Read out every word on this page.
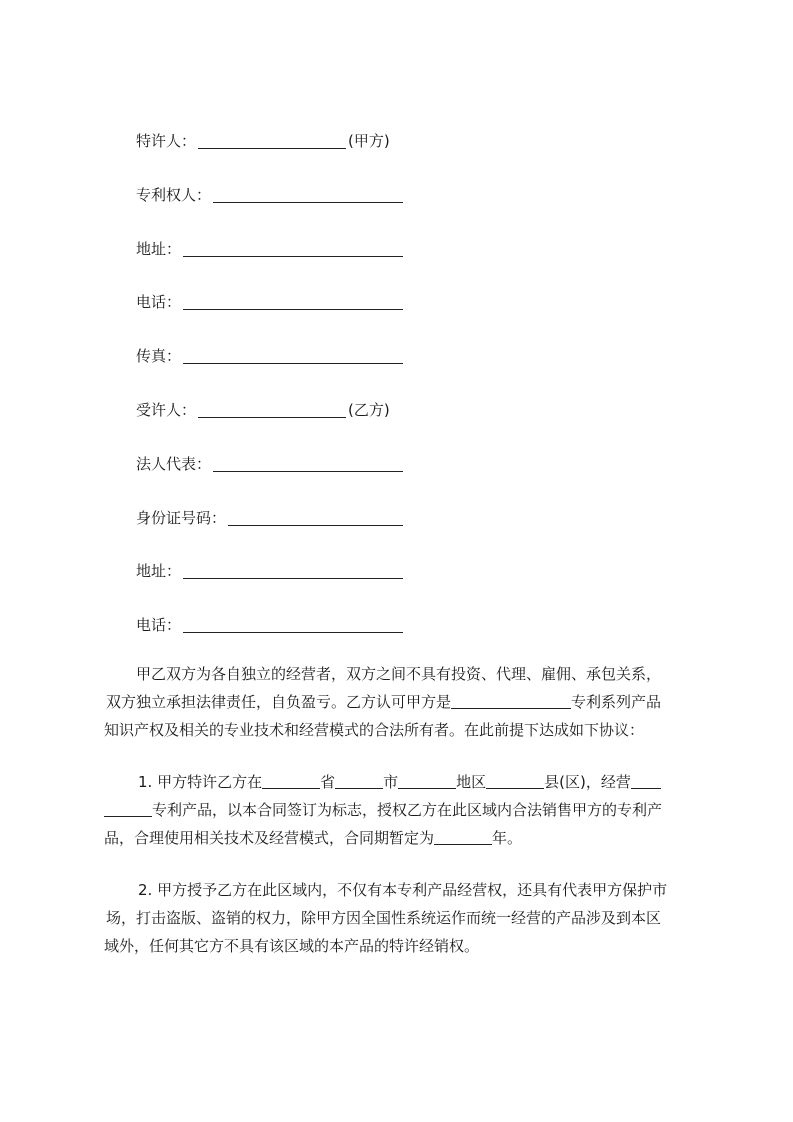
特许人：	(甲方)
专利权人：
地址：
电话：
传真：
受许人：	(乙方)
法人代表：
身份证号码：
地址：
电话：
甲乙双方为各自独立的经营者，双方之间不具有投资、代理、雇佣、承包关系，
双方独立承担法律责任，自负盈亏。乙方认可甲方是	专利系列产品
知识产权及相关的专业技术和经营模式的合法所有者。在此前提下达成如下协议：
1. 甲方特许乙方在	省	市	地区	县(区)，经营
专利产品，以本合同签订为标志，授权乙方在此区域内合法销售甲方的专利产
品，合理使用相关技术及经营模式，合同期暂定为	年。
2. 甲方授予乙方在此区域内，不仅有本专利产品经营权，还具有代表甲方保护市
场，打击盗版、盗销的权力，除甲方因全国性系统运作而统一经营的产品涉及到本区
域外，任何其它方不具有该区域的本产品的特许经销权。
